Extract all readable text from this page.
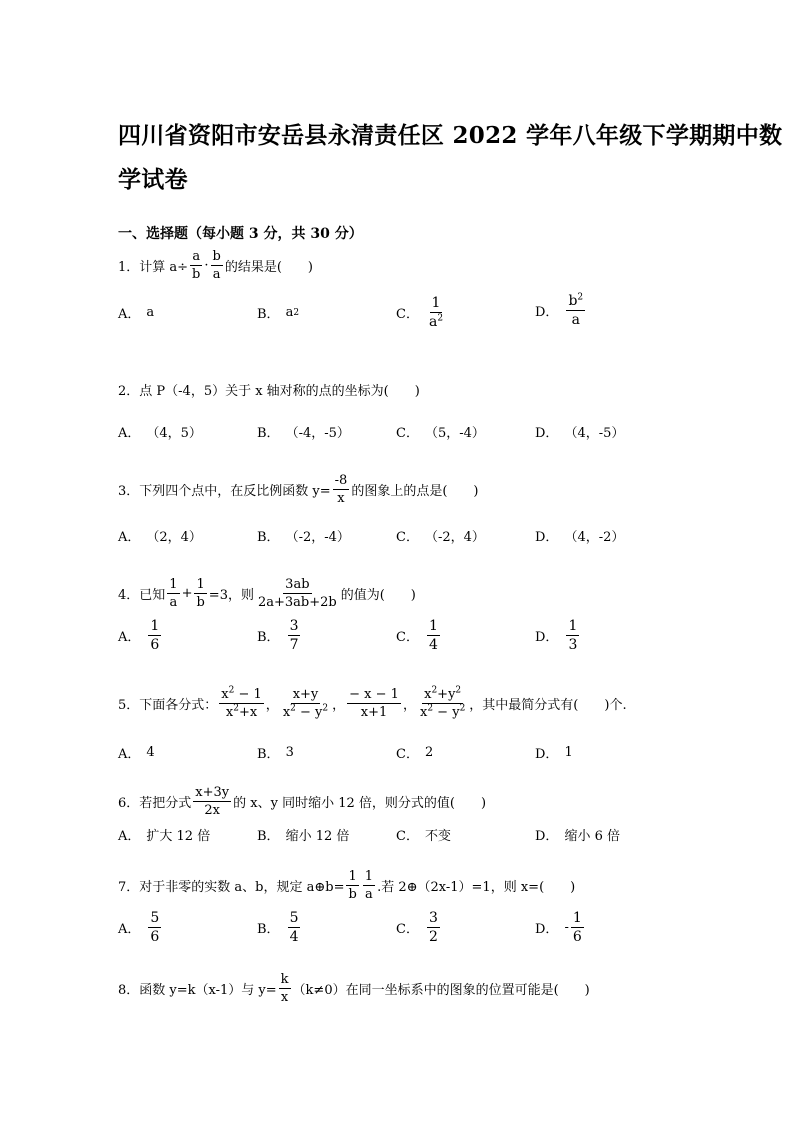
四川省资阳市安岳县永清责任区 2022 学年八年级下学期期中数
学试卷
一、选择题（每小题 3 分，共 30 分）
1．计算 $a\div \frac{a}{b} \cdot \frac{b}{a}$ 的结果是(　　)
A． a	B． a 2	C． $\frac{1}{a^2}$	D． $\frac{b^2}{a}$
2．点 P（-4，5）关于 x 轴对称的点的坐标为(　　)
A． （4，5）	B． （-4，-5）	C． （5，-4）	D． （4，-5）
3．下列四个点中，在反比例函数 $y= \frac{-8}{x}$ 的图象上的点是(　　)
A． （2，4）	B． （-2，-4）	C． （-2，4）	D． （4，-2）
4．已知 $\frac{1}{a} + \frac{1}{b} =3$，则 $\frac{3ab}{2a+3ab+2b}$ 的值为(　　)
A． $\frac{1}{6}$	B． $\frac{3}{7}$	C． $\frac{1}{4}$	D． $\frac{1}{3}$
5．下面各分式： $\frac{x^2 - 1}{x^2+x}$ ， $\frac{x+y}{x^2 - y^2}$ ， $\frac{- x - 1}{x+1}$ ， $\frac{x^2+y^2}{x^2 - y^2}$ ，其中最简分式有(　　)个.
A． 4	B． 3	C． 2	D． 1
6．若把分式 $\frac{x+3y}{2x}$ 的 x、y 同时缩小 12 倍，则分式的值(　　)
A． 扩大 12 倍	B． 缩小 12 倍	C． 不变	D． 缩小 6 倍
7．对于非零的实数 a、b，规定 a⊕b= $\frac{1}{b} \frac{1}{a}$ .若 2⊕（2x-1）=1，则 x=(　　)
A． $\frac{5}{6}$	B． $\frac{5}{4}$	C． $\frac{3}{2}$	D． - $\frac{1}{6}$
8．函数 y=k（x-1）与 $y= \frac{k}{x} (k\ne 0)$在同一坐标系中的图象的位置可能是(　　)
